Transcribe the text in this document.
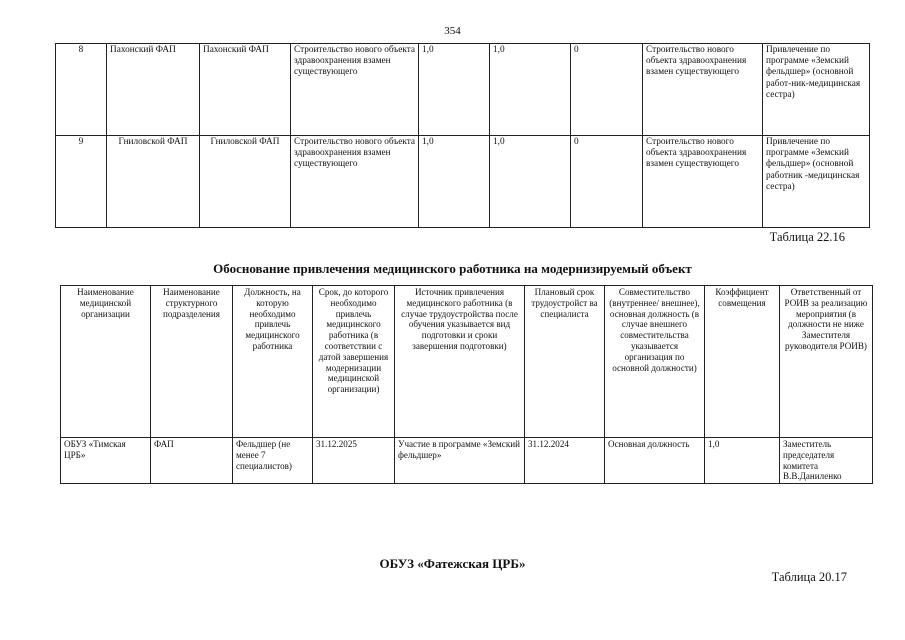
354
8	Пахонский ФАП	Пахонский ФАП	Строительство нового объекта здравоохранения взамен существующего	1,0	1,0	0	Строительство нового объекта здравоохранения взамен существующего	Привлечение по программе «Земский фельдшер» (основной работ-ник-медицинская сестра)
9	Гниловской ФАП	Гниловской ФАП	Строительство нового объекта здравоохранения взамен существующего	1,0	1,0	0	Строительство нового объекта здравоохранения взамен существующего	Привлечение по программе «Земский фельдшер» (основной работник -медицинская сестра)
Таблица 22.16
Обоснование привлечения медицинского работника на модернизируемый объект
Наименование медицинской организации	Наименование структурного подразделения	Должность, на которую необходимо привлечь медицинского работника	Срок, до которого необходимо привлечь медицинского работника (в соответствии с датой завершения модернизации медицинской организации)	Источник привлечения медицинского работника (в случае трудоустройства после обучения указывается вид подготовки и сроки завершения подготовки)	Плановый срок трудоустройст ва специалиста	Совместительство (внутреннее/ внешнее), основная должность (в случае внешнего совместительства указывается организация по основной должности)	Коэффициент совмещения	Ответственный от РОИВ за реализацию мероприятия (в должности не ниже Заместителя руководителя РОИВ)
ОБУЗ «Тимская ЦРБ»	ФАП	Фельдшер (не менее 7 специалистов)	31.12.2025	Участие в программе «Земский фельдшер»	31.12.2024	Основная должность	1,0	Заместитель председателя комитета В.В.Даниленко
ОБУЗ «Фатежская ЦРБ»
Таблица 20.17
